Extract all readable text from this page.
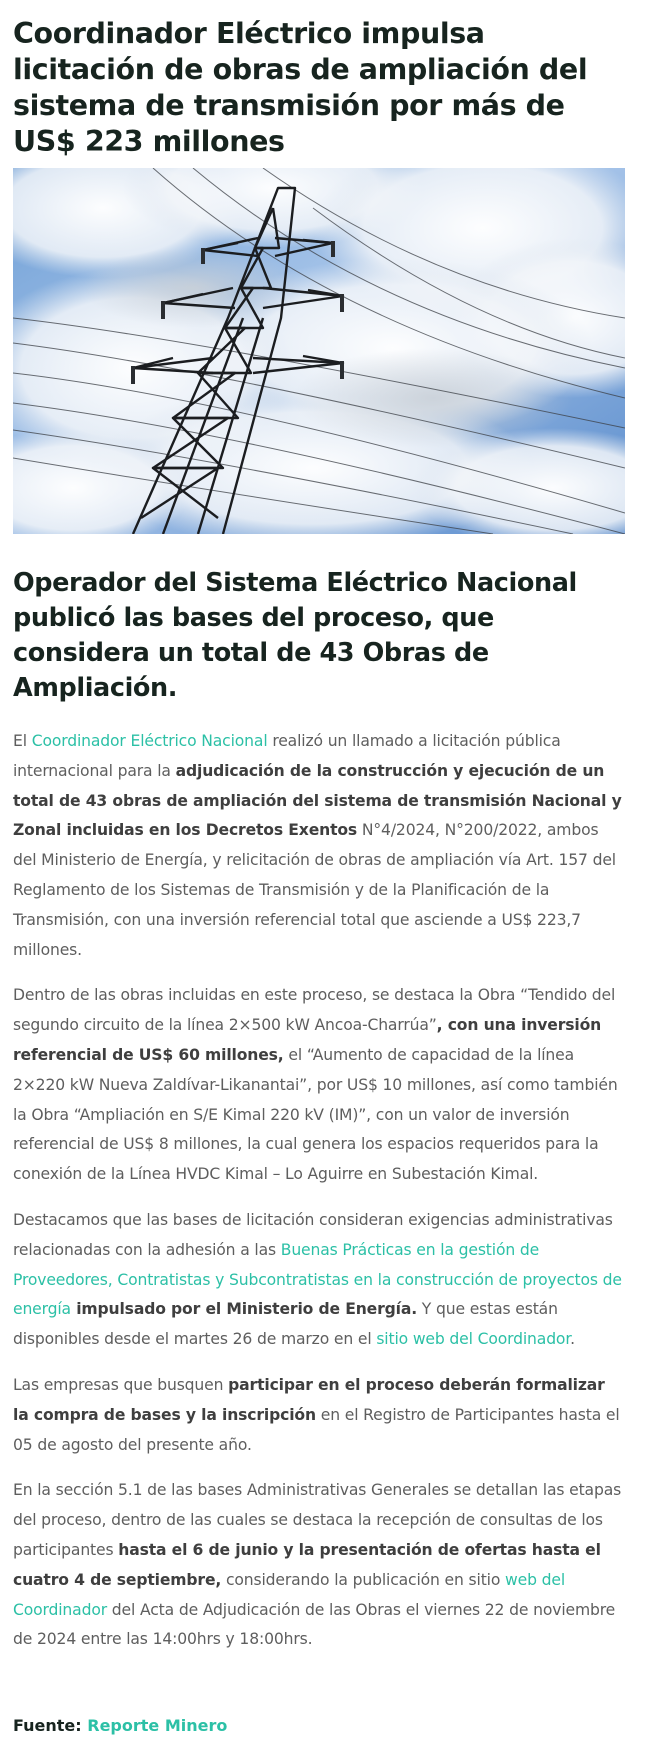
Coordinador Eléctrico impulsa licitación de obras de ampliación del sistema de transmisión por más de US$ 223 millones
Operador del Sistema Eléctrico Nacional publicó las bases del proceso, que considera un total de 43 Obras de Ampliación.

El Coordinador Eléctrico Nacional realizó un llamado a licitación pública internacional para la adjudicación de la construcción y ejecución de un total de 43 obras de ampliación del sistema de transmisión Nacional y Zonal incluidas en los Decretos Exentos N°4/2024, N°200/2022, ambos del Ministerio de Energía, y relicitación de obras de ampliación vía Art. 157 del Reglamento de los Sistemas de Transmisión y de la Planificación de la Transmisión, con una inversión referencial total que asciende a US$ 223,7 millones.

Dentro de las obras incluidas en este proceso, se destaca la Obra “Tendido del segundo circuito de la línea 2×500 kW Ancoa-Charrúa”, con una inversión referencial de US$ 60 millones, el “Aumento de capacidad de la línea 2×220 kW Nueva Zaldívar-Likanantai”, por US$ 10 millones, así como también la Obra “Ampliación en S/E Kimal 220 kV (IM)”, con un valor de inversión referencial de US$ 8 millones, la cual genera los espacios requeridos para la conexión de la Línea HVDC Kimal – Lo Aguirre en Subestación Kimal.

Destacamos que las bases de licitación consideran exigencias administrativas relacionadas con la adhesión a las Buenas Prácticas en la gestión de Proveedores, Contratistas y Subcontratistas en la construcción de proyectos de energía impulsado por el Ministerio de Energía. Y que estas están disponibles desde el martes 26 de marzo en el sitio web del Coordinador.

Las empresas que busquen participar en el proceso deberán formalizar la compra de bases y la inscripción en el Registro de Participantes hasta el 05 de agosto del presente año.

En la sección 5.1 de las bases Administrativas Generales se detallan las etapas del proceso, dentro de las cuales se destaca la recepción de consultas de los participantes hasta el 6 de junio y la presentación de ofertas hasta el cuatro 4 de septiembre, considerando la publicación en sitio web del Coordinador del Acta de Adjudicación de las Obras el viernes 22 de noviembre de 2024 entre las 14:00hrs y 18:00hrs.

Fuente: Reporte Minero
